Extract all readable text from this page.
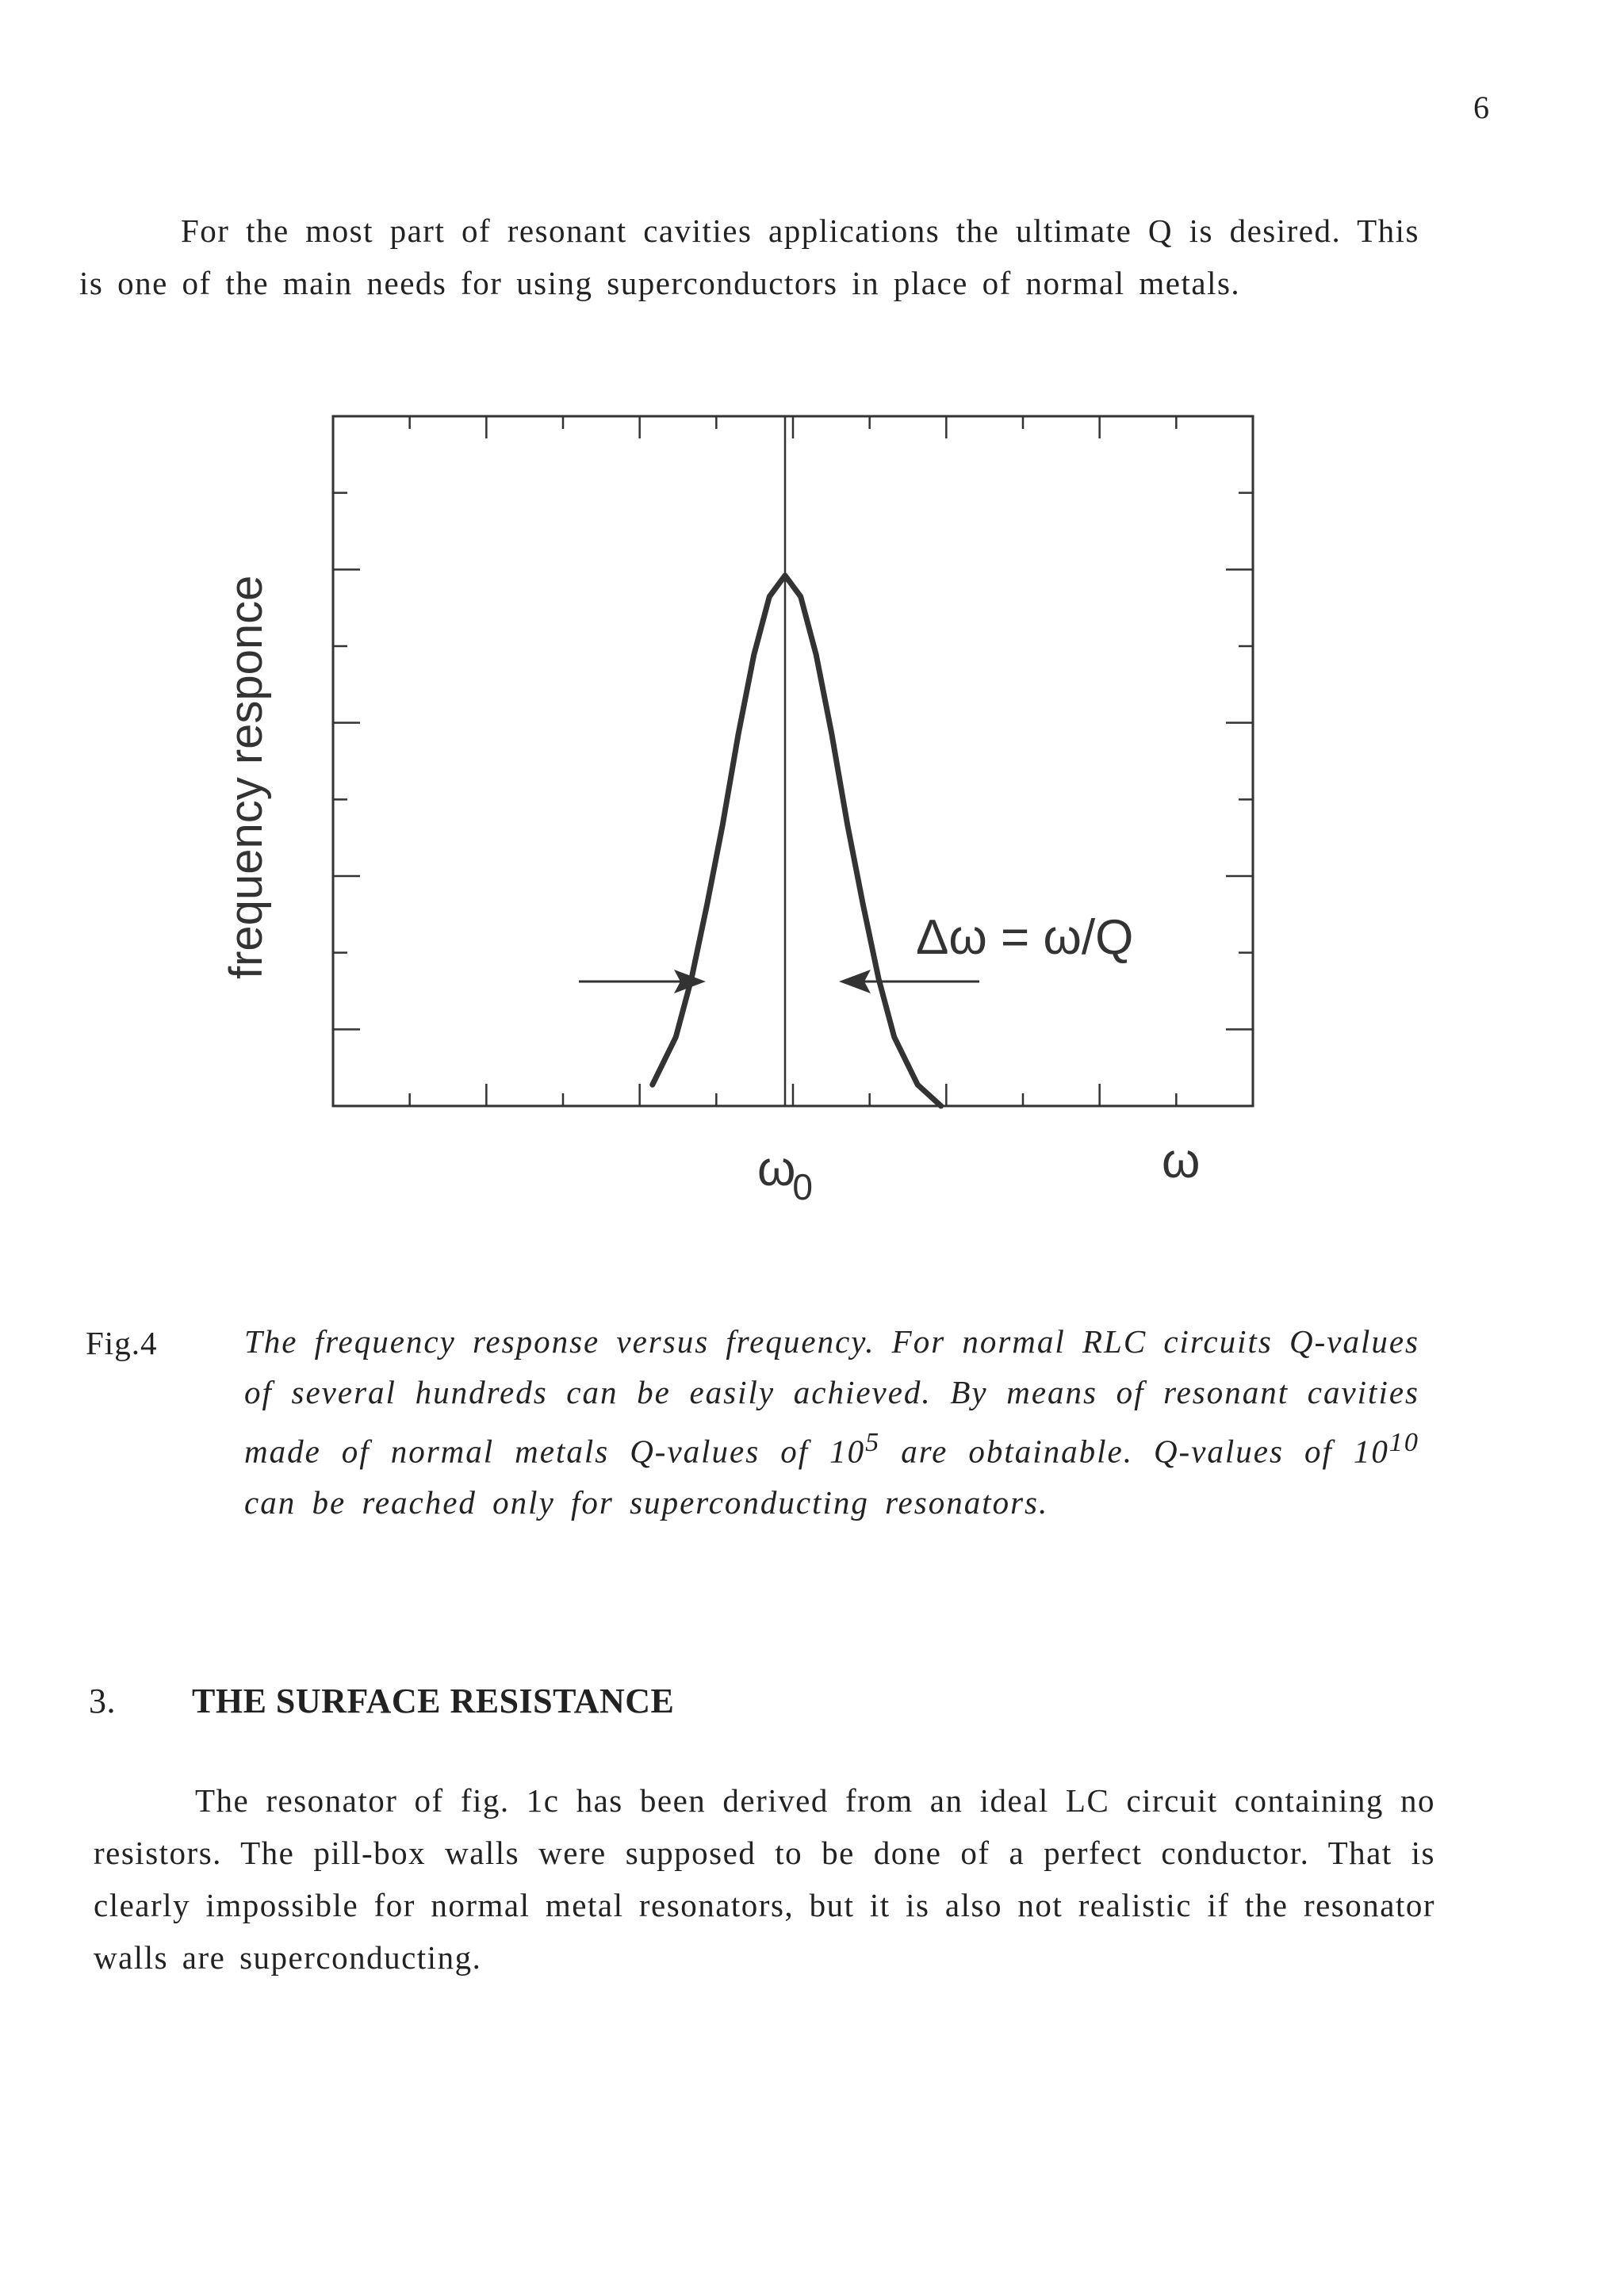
6

For the most part of resonant cavities applications the ultimate Q is desired. This is one of the main needs for using superconductors in place of normal metals.

Δω = ω/Q
frequency responce
ω0	ω
Fig.4	The frequency response versus frequency. For normal RLC circuits Q-values of several hundreds can be easily achieved. By means of resonant cavities made of normal metals Q-values of $10^5$ are obtainable. Q-values of $10^{10}$ can be reached only for superconducting resonators.

3. THE SURFACE RESISTANCE

The resonator of fig. 1c has been derived from an ideal LC circuit containing no resistors. The pill-box walls were supposed to be done of a perfect conductor. That is clearly impossible for normal metal resonators, but it is also not realistic if the resonator walls are superconducting.
